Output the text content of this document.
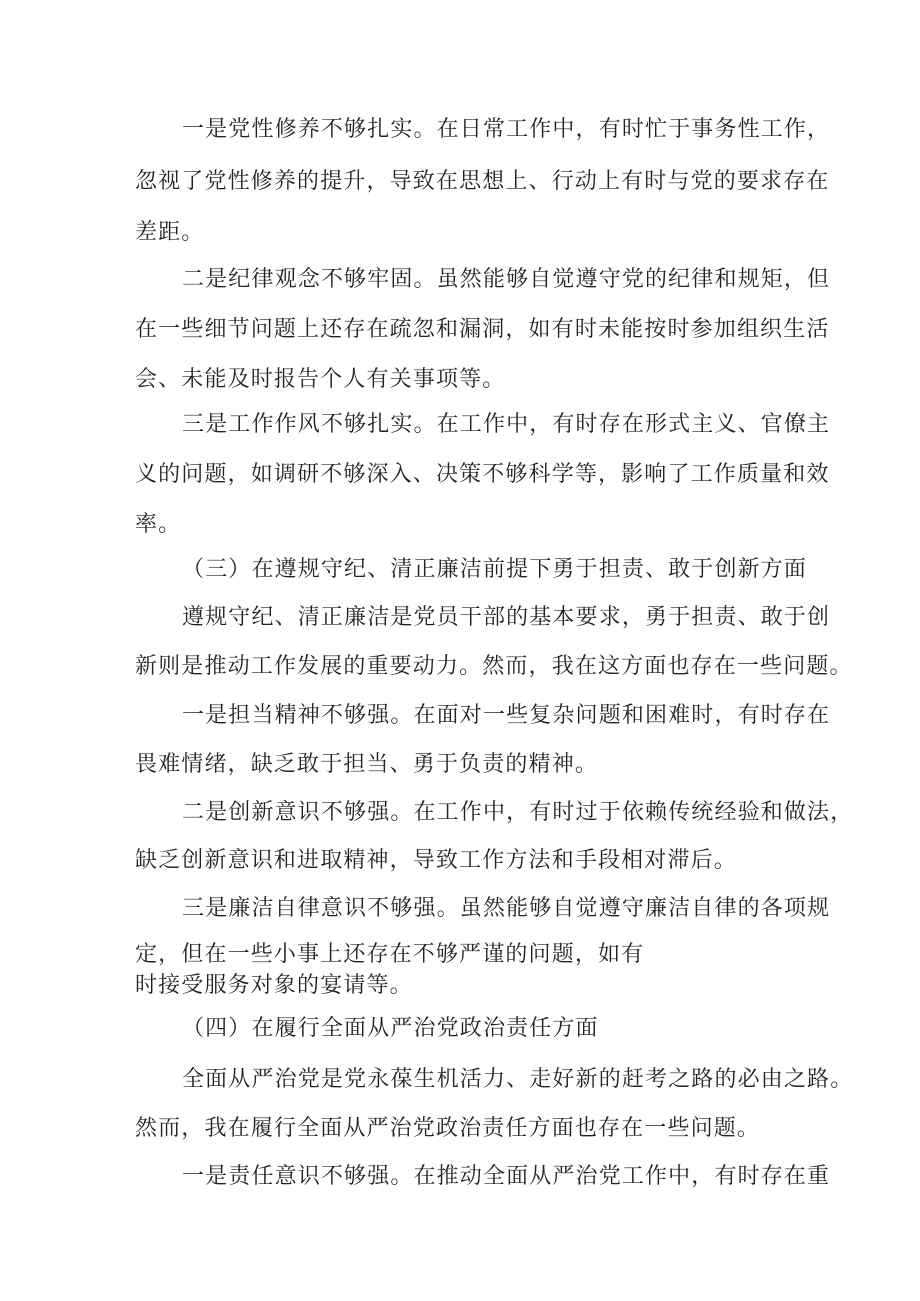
一是党性修养不够扎实。在日常工作中，有时忙于事务性工作，
忽视了党性修养的提升，导致在思想上、行动上有时与党的要求存在
差距。
二是纪律观念不够牢固。虽然能够自觉遵守党的纪律和规矩，但
在一些细节问题上还存在疏忽和漏洞，如有时未能按时参加组织生活
会、未能及时报告个人有关事项等。
三是工作作风不够扎实。在工作中，有时存在形式主义、官僚主
义的问题，如调研不够深入、决策不够科学等，影响了工作质量和效
率。
（三）在遵规守纪、清正廉洁前提下勇于担责、敢于创新方面
遵规守纪、清正廉洁是党员干部的基本要求，勇于担责、敢于创
新则是推动工作发展的重要动力。然而，我在这方面也存在一些问题。
一是担当精神不够强。在面对一些复杂问题和困难时，有时存在
畏难情绪，缺乏敢于担当、勇于负责的精神。
二是创新意识不够强。在工作中，有时过于依赖传统经验和做法，
缺乏创新意识和进取精神，导致工作方法和手段相对滞后。
三是廉洁自律意识不够强。虽然能够自觉遵守廉洁自律的各项规
定，但在一些小事上还存在不够严谨的问题，如有
时接受服务对象的宴请等。
（四）在履行全面从严治党政治责任方面
全面从严治党是党永葆生机活力、走好新的赶考之路的必由之路。
然而，我在履行全面从严治党政治责任方面也存在一些问题。
一是责任意识不够强。在推动全面从严治党工作中，有时存在重
